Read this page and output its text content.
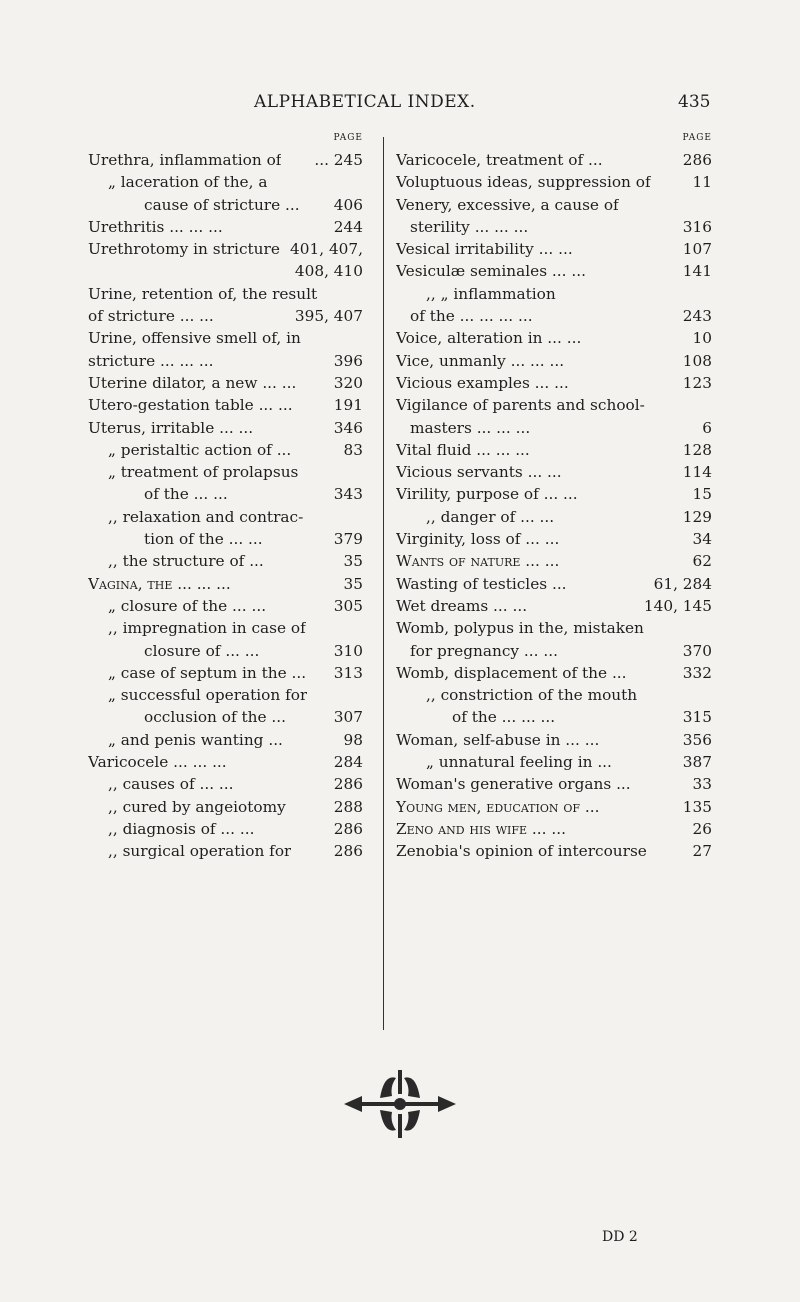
ALPHABETICAL INDEX.	435
PAGE
Urethra, inflammation of	... 245
„ laceration of the, a
cause of stricture ...	406
Urethritis ... ... ...	244
Urethrotomy in stricture 401, 407,
408, 410
Urine, retention of, the result
of stricture ... ...	395, 407
Urine, offensive smell of, in
stricture ... ... ...	396
Uterine dilator, a new ... ...	320
Utero-gestation table ... ...	191
Uterus, irritable ... ...	346
„ peristaltic action of ...	83
„ treatment of prolapsus
of the ... ...	343
,, relaxation and contrac-
tion of the ... ...	379
,, the structure of ...	35
Vagina, the ... ... ...	35
„ closure of the ... ...	305
,, impregnation in case of
closure of ... ...	310
„ case of septum in the ...	313
„ successful operation for
occlusion of the ...	307
„ and penis wanting ...	98
Varicocele ... ... ...	284
,, causes of ... ...	286
,, cured by angeiotomy	288
,, diagnosis of ... ...	286
,, surgical operation for	286
PAGE
Varicocele, treatment of ...	286
Voluptuous ideas, suppression of	11
Venery, excessive, a cause of
sterility ... ... ...	316
Vesical irritability ... ...	107
Vesiculæ seminales ... ...	141
,, „ inflammation
of the ... ... ... ...	243
Voice, alteration in ... ...	10
Vice, unmanly ... ... ...	108
Vicious examples ... ...	123
Vigilance of parents and school-
masters ... ... ...	6
Vital fluid ... ... ...	128
Vicious servants ... ...	114
Virility, purpose of ... ...	15
,, danger of ... ...	129
Virginity, loss of ... ...	34
Wants of nature ... ...	62
Wasting of testicles ...	61, 284
Wet dreams ... ...	140, 145
Womb, polypus in the, mistaken
for pregnancy ... ...	370
Womb, displacement of the ...	332
,, constriction of the mouth
of the ... ... ...	315
Woman, self-abuse in ... ...	356
„ unnatural feeling in ...	387
Woman's generative organs ...	33
Young men, education of ...	135
Zeno and his wife ... ...	26
Zenobia's opinion of intercourse	27
DD 2
